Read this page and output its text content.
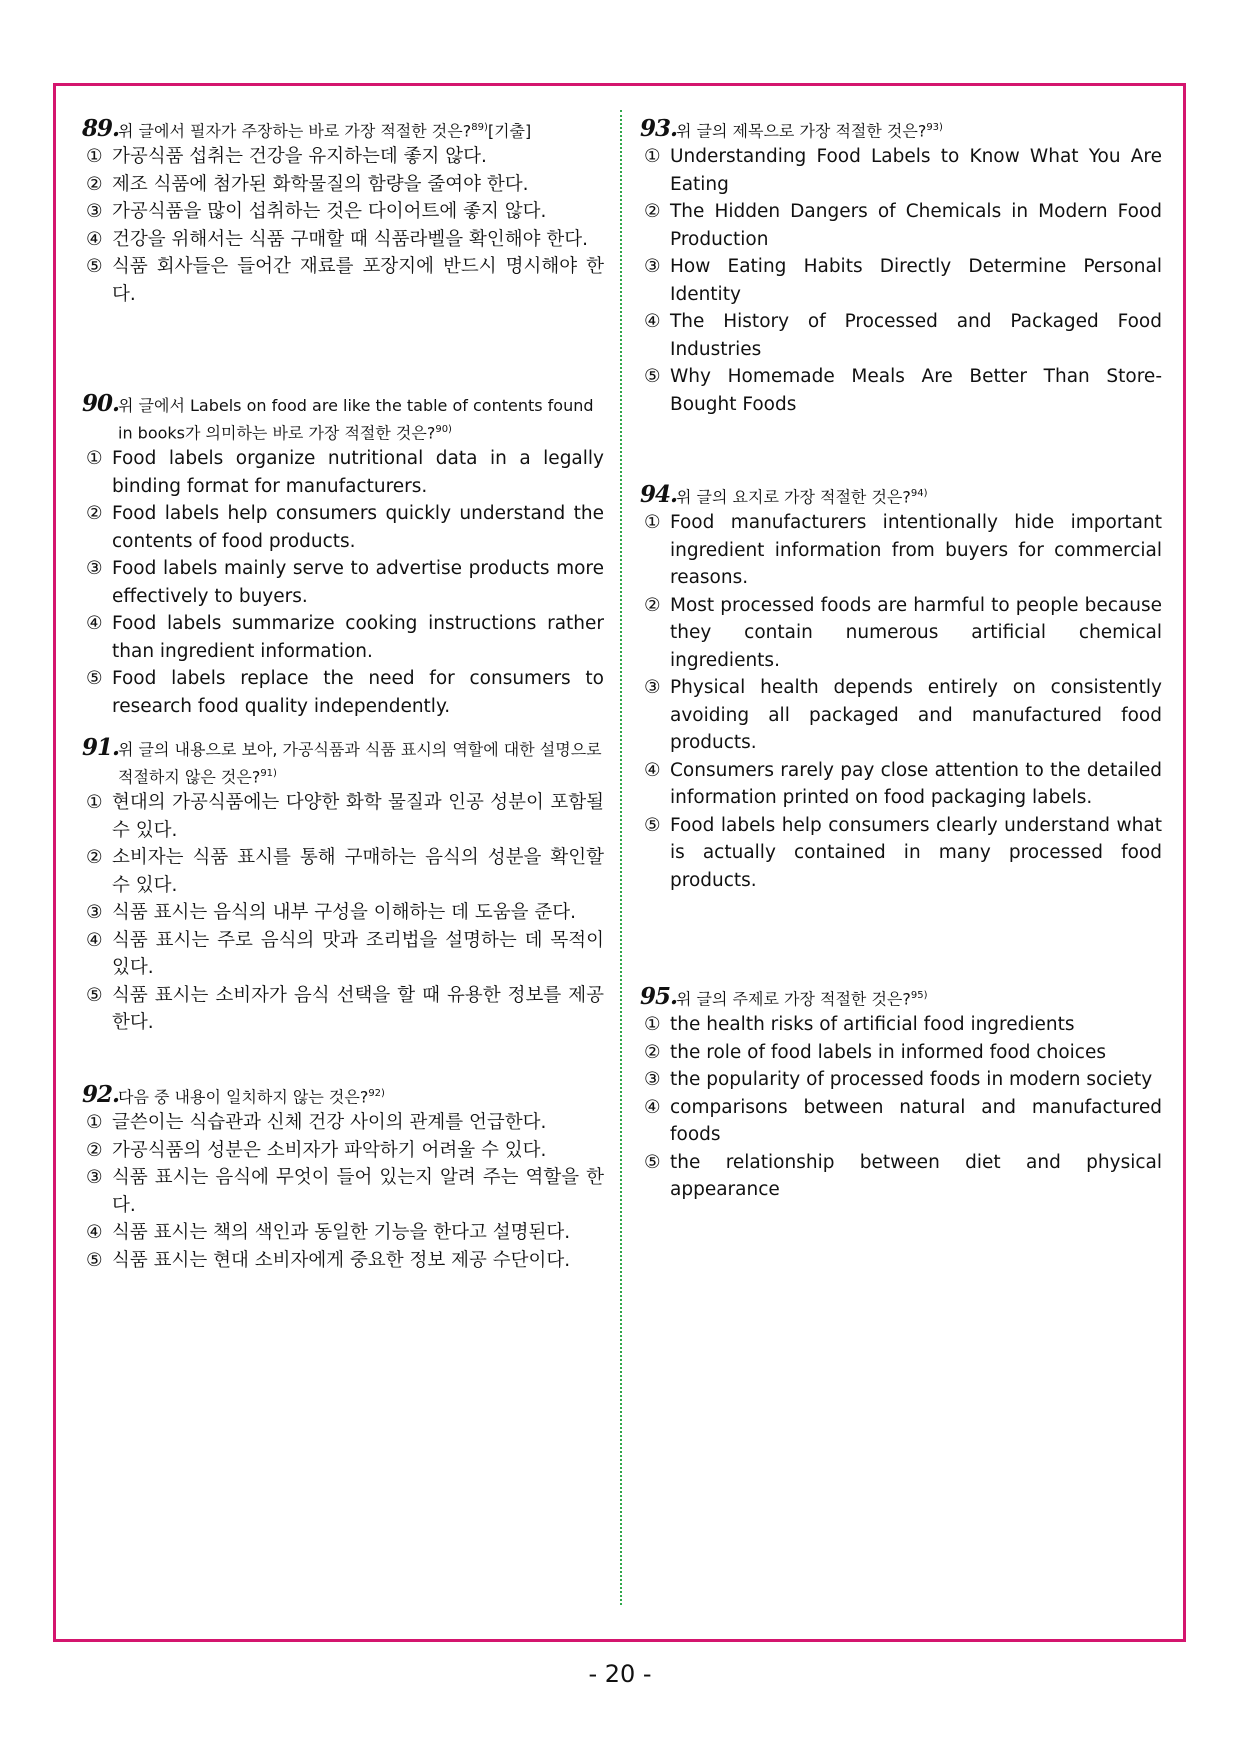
89.위 글에서 필자가 주장하는 바로 가장 적절한 것은?$^{89)}$[기출]
① 가공식품 섭취는 건강을 유지하는데 좋지 않다.
② 제조 식품에 첨가된 화학물질의 함량을 줄여야 한다.
③ 가공식품을 많이 섭취하는 것은 다이어트에 좋지 않다.
④ 건강을 위해서는 식품 구매할 때 식품라벨을 확인해야 한다.
⑤ 식품 회사들은 들어간 재료를 포장지에 반드시 명시해야 한다.
90.위 글에서 Labels on food are like the table of contents found in books가 의미하는 바로 가장 적절한 것은?$^{90)}$
① Food labels organize nutritional data in a legally binding format for manufacturers.
② Food labels help consumers quickly understand the contents of food products.
③ Food labels mainly serve to advertise products more effectively to buyers.
④ Food labels summarize cooking instructions rather than ingredient information.
⑤ Food labels replace the need for consumers to research food quality independently.
91.위 글의 내용으로 보아, 가공식품과 식품 표시의 역할에 대한 설명으로 적절하지 않은 것은?$^{91)}$
① 현대의 가공식품에는 다양한 화학 물질과 인공 성분이 포함될 수 있다.
② 소비자는 식품 표시를 통해 구매하는 음식의 성분을 확인할 수 있다.
③ 식품 표시는 음식의 내부 구성을 이해하는 데 도움을 준다.
④ 식품 표시는 주로 음식의 맛과 조리법을 설명하는 데 목적이 있다.
⑤ 식품 표시는 소비자가 음식 선택을 할 때 유용한 정보를 제공한다.
92.다음 중 내용이 일치하지 않는 것은?$^{92)}$
① 글쓴이는 식습관과 신체 건강 사이의 관계를 언급한다.
② 가공식품의 성분은 소비자가 파악하기 어려울 수 있다.
③ 식품 표시는 음식에 무엇이 들어 있는지 알려 주는 역할을 한다.
④ 식품 표시는 책의 색인과 동일한 기능을 한다고 설명된다.
⑤ 식품 표시는 현대 소비자에게 중요한 정보 제공 수단이다.
93.위 글의 제목으로 가장 적절한 것은?$^{93)}$
① Understanding Food Labels to Know What You Are Eating
② The Hidden Dangers of Chemicals in Modern Food Production
③ How Eating Habits Directly Determine Personal Identity
④ The History of Processed and Packaged Food Industries
⑤ Why Homemade Meals Are Better Than Store-Bought Foods
94.위 글의 요지로 가장 적절한 것은?$^{94)}$
① Food manufacturers intentionally hide important ingredient information from buyers for commercial reasons.
② Most processed foods are harmful to people because they contain numerous artificial chemical ingredients.
③ Physical health depends entirely on consistently avoiding all packaged and manufactured food products.
④ Consumers rarely pay close attention to the detailed information printed on food packaging labels.
⑤ Food labels help consumers clearly understand what is actually contained in many processed food products.
95.위 글의 주제로 가장 적절한 것은?$^{95)}$
① the health risks of artificial food ingredients
② the role of food labels in informed food choices
③ the popularity of processed foods in modern society
④ comparisons between natural and manufactured foods
⑤ the relationship between diet and physical appearance
- 20 -
